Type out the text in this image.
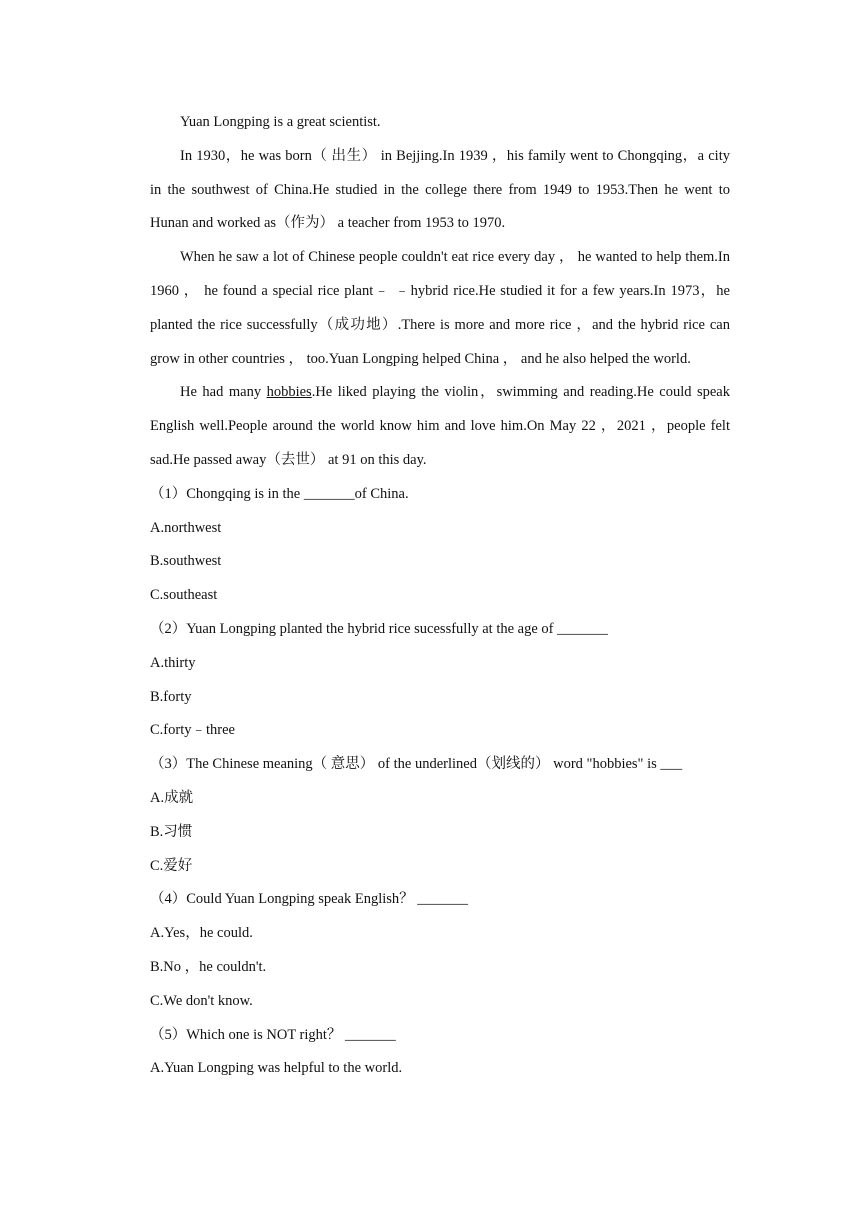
Yuan Longping is a great scientist.

In 1930，he was born（ 出生） in Bejjing.In 1939 ，his family went to Chongqing，a city in the southwest of China.He studied in the college there from 1949 to 1953.Then he went to Hunan and worked as（作为） a teacher from 1953 to 1970.

When he saw a lot of Chinese people couldn't eat rice every day ， he wanted to help them.In 1960 ， he found a special rice plant﹣ ﹣hybrid rice.He studied it for a few years.In 1973，he planted the rice successfully（成功地）.There is more and more rice ，and the hybrid rice can grow in other countries ， too.Yuan Longping helped China ， and he also helped the world.

He had many hobbies.He liked playing the violin，swimming and reading.He could speak English well.People around the world know him and love him.On May 22 ，2021 ，people felt sad.He passed away（去世） at 91 on this day.

（1）Chongqing is in the _______of China.

A.northwest

B.southwest

C.southeast

（2）Yuan Longping planted the hybrid rice sucessfully at the age of _______

A.thirty

B.forty

C.forty﹣three

（3）The Chinese meaning（ 意思） of the underlined（划线的） word "hobbies" is ___

A.成就

B.习惯

C.爱好

（4）Could Yuan Longping speak English？ _______

A.Yes，he could.

B.No ，he couldn't.

C.We don't know.

（5）Which one is NOT right？ _______

A.Yuan Longping was helpful to the world.
